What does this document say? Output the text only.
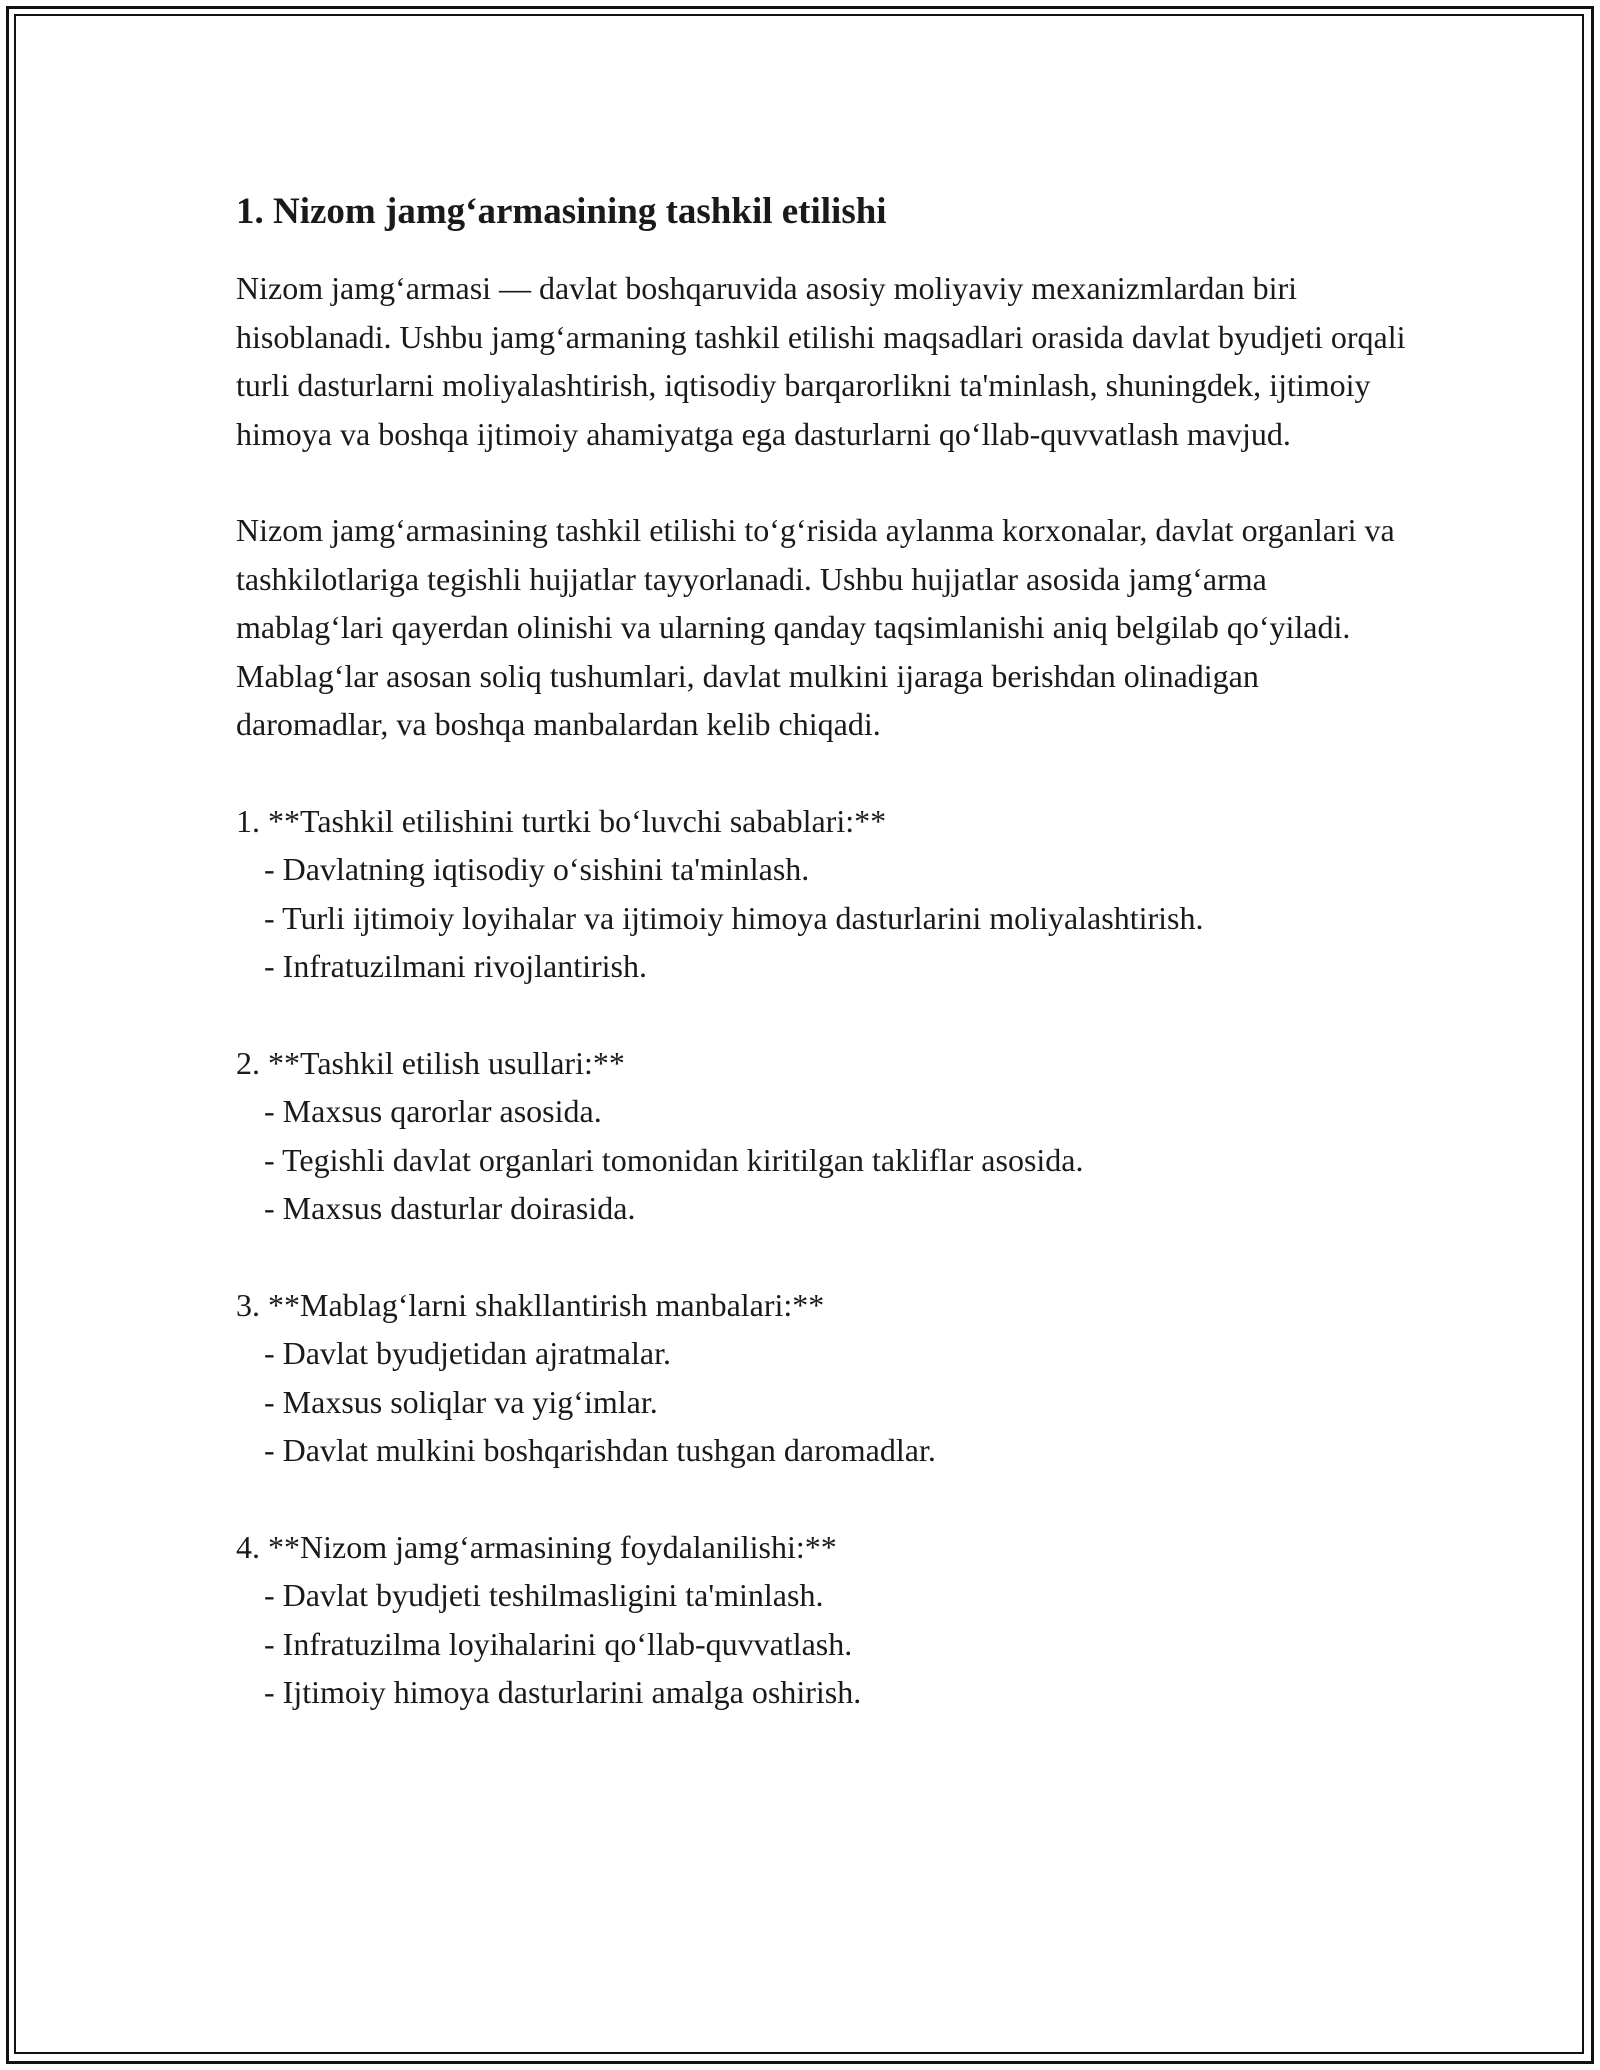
1. Nizom jamg‘armasining tashkil etilishi

Nizom jamg‘armasi — davlat boshqaruvida asosiy moliyaviy mexanizmlardan biri hisoblanadi. Ushbu jamg‘armaning tashkil etilishi maqsadlari orasida davlat byudjeti orqali turli dasturlarni moliyalashtirish, iqtisodiy barqarorlikni ta'minlash, shuningdek, ijtimoiy himoya va boshqa ijtimoiy ahamiyatga ega dasturlarni qo‘llab-quvvatlash mavjud.

Nizom jamg‘armasining tashkil etilishi to‘g‘risida aylanma korxonalar, davlat organlari va tashkilotlariga tegishli hujjatlar tayyorlanadi. Ushbu hujjatlar asosida jamg‘arma mablag‘lari qayerdan olinishi va ularning qanday taqsimlanishi aniq belgilab qo‘yiladi. Mablag‘lar asosan soliq tushumlari, davlat mulkini ijaraga berishdan olinadigan daromadlar, va boshqa manbalardan kelib chiqadi.

1. **Tashkil etilishini turtki bo‘luvchi sabablari:**

- Davlatning iqtisodiy o‘sishini ta'minlash.

- Turli ijtimoiy loyihalar va ijtimoiy himoya dasturlarini moliyalashtirish.

- Infratuzilmani rivojlantirish.

2. **Tashkil etilish usullari:**

- Maxsus qarorlar asosida.

- Tegishli davlat organlari tomonidan kiritilgan takliflar asosida.

- Maxsus dasturlar doirasida.

3. **Mablag‘larni shakllantirish manbalari:**

- Davlat byudjetidan ajratmalar.

- Maxsus soliqlar va yig‘imlar.

- Davlat mulkini boshqarishdan tushgan daromadlar.

4. **Nizom jamg‘armasining foydalanilishi:**

- Davlat byudjeti teshilmasligini ta'minlash.

- Infratuzilma loyihalarini qo‘llab-quvvatlash.

- Ijtimoiy himoya dasturlarini amalga oshirish.
